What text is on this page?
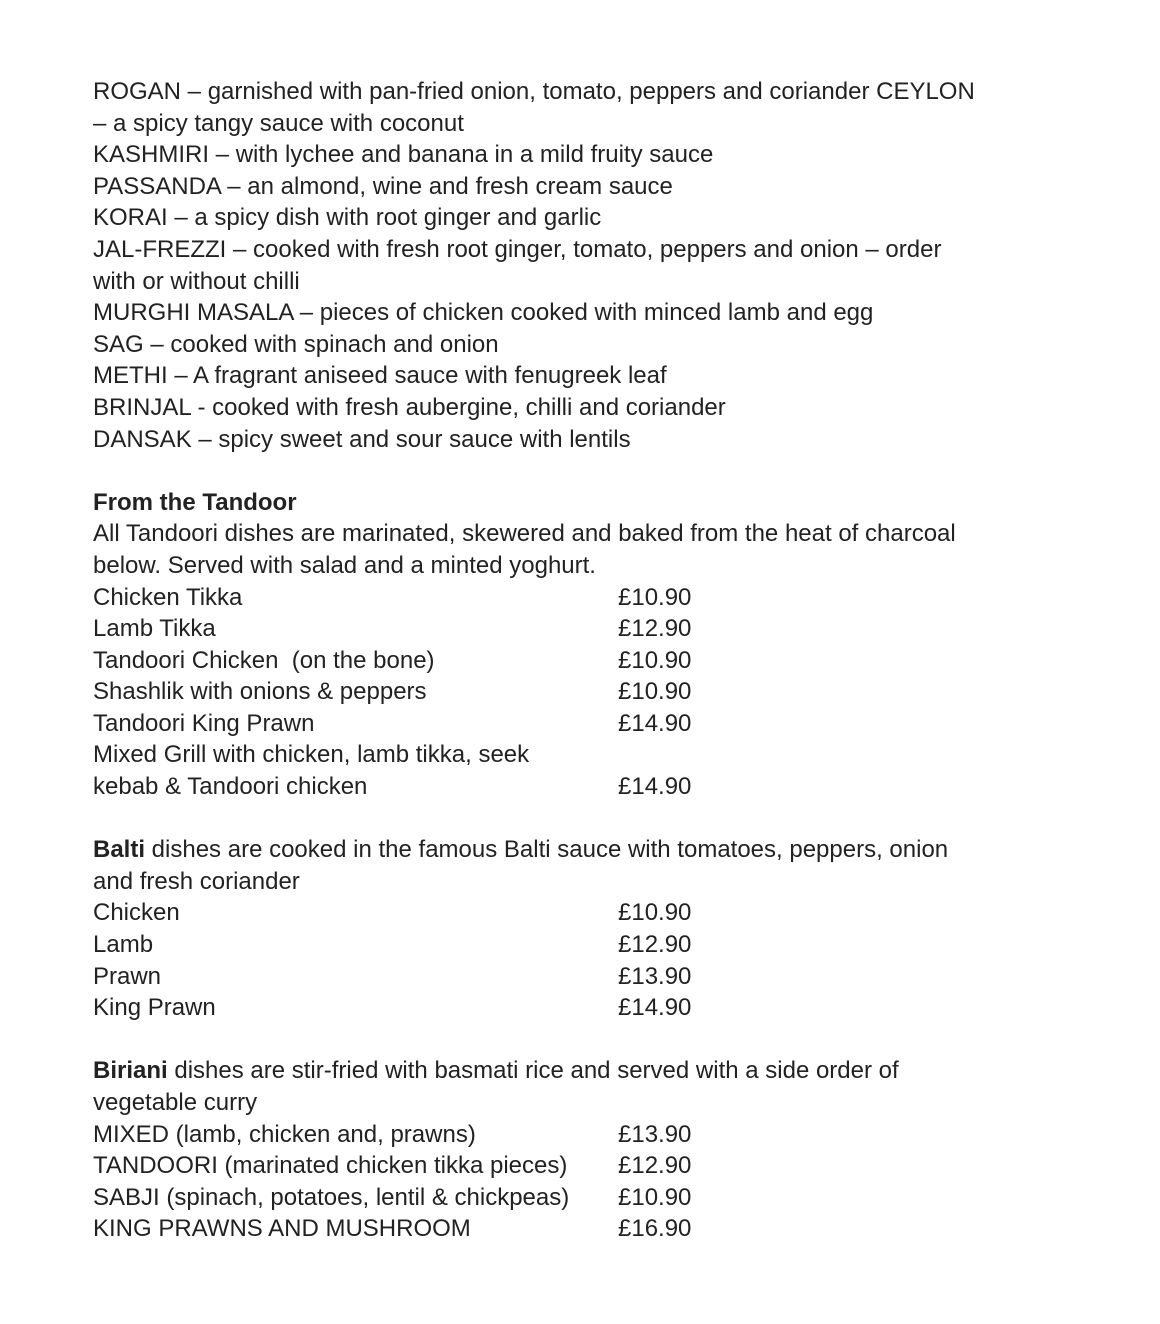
ROGAN – garnished with pan-fried onion, tomato, peppers and coriander CEYLON
– a spicy tangy sauce with coconut
KASHMIRI – with lychee and banana in a mild fruity sauce
PASSANDA – an almond, wine and fresh cream sauce
KORAI – a spicy dish with root ginger and garlic
JAL-FREZZI – cooked with fresh root ginger, tomato, peppers and onion – order
with or without chilli
MURGHI MASALA – pieces of chicken cooked with minced lamb and egg
SAG – cooked with spinach and onion
METHI – A fragrant aniseed sauce with fenugreek leaf
BRINJAL - cooked with fresh aubergine, chilli and coriander
DANSAK – spicy sweet and sour sauce with lentils
From the Tandoor
All Tandoori dishes are marinated, skewered and baked from the heat of charcoal
below. Served with salad and a minted yoghurt.
Chicken Tikka	£10.90
Lamb Tikka	£12.90
Tandoori Chicken  (on the bone)	£10.90
Shashlik with onions & peppers	£10.90
Tandoori King Prawn	£14.90
Mixed Grill with chicken, lamb tikka, seek
kebab & Tandoori chicken	£14.90
Balti dishes are cooked in the famous Balti sauce with tomatoes, peppers, onion
and fresh coriander
Chicken	£10.90
Lamb	£12.90
Prawn	£13.90
King Prawn	£14.90
Biriani dishes are stir-fried with basmati rice and served with a side order of
vegetable curry
MIXED (lamb, chicken and, prawns)	£13.90
TANDOORI (marinated chicken tikka pieces) £12.90
SABJI (spinach, potatoes, lentil & chickpeas) £10.90
KING PRAWNS AND MUSHROOM	£16.90
